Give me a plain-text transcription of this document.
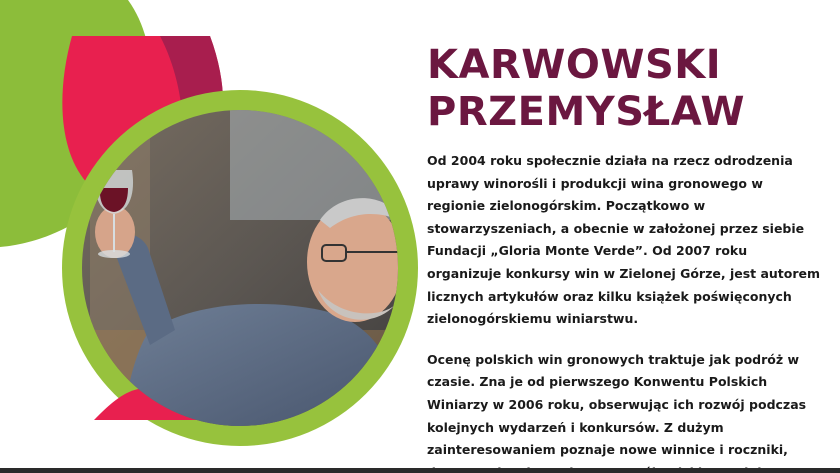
KARWOWSKI
PRZEMYSŁAW

Od 2004 roku społecznie działa na rzecz odrodzenia uprawy winorośli i produkcji wina gronowego w regionie zielonogórskim. Początkowo w stowarzyszeniach, a obecnie w założonej przez siebie Fundacji „Gloria Monte Verde”. Od 2007 roku organizuje konkursy win w Zielonej Górze, jest autorem licznych artykułów oraz kilku książek poświęconych zielonogórskiemu winiarstwu.

Ocenę polskich win gronowych traktuje jak podróż w czasie. Zna je od pierwszego Konwentu Polskich Winiarzy w 2006 roku, obserwując ich rozwój podczas kolejnych wydarzeń i konkursów. Z dużym zainteresowaniem poznaje nowe winnice i roczniki,
